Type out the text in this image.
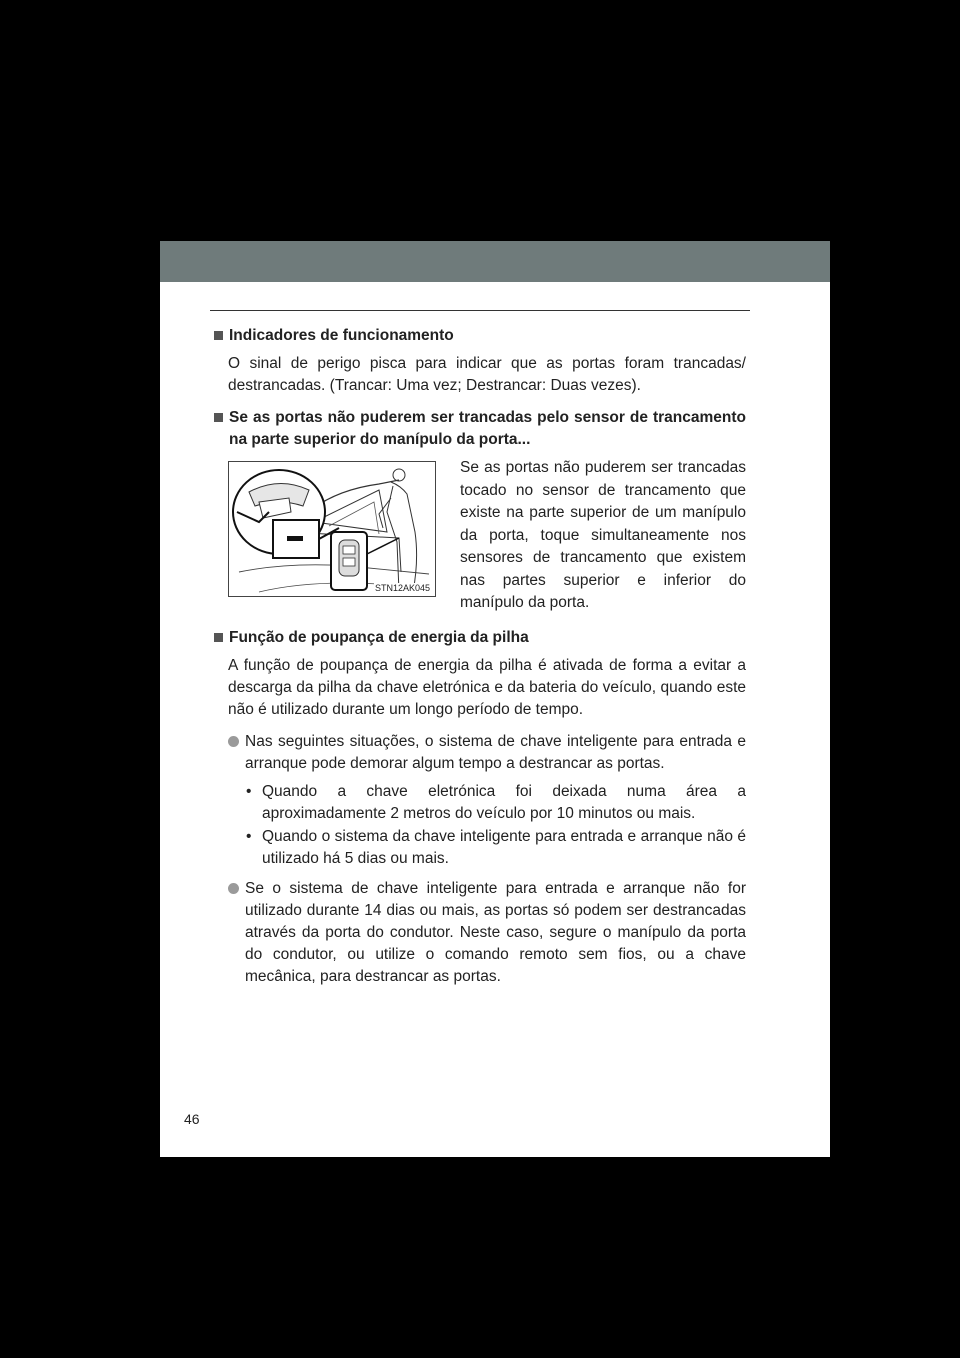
Indicadores de funcionamento

O sinal de perigo pisca para indicar que as portas foram trancadas/ destrancadas. (Trancar: Uma vez; Destrancar: Duas vezes).

Se as portas não puderem ser trancadas pelo sensor de trancamento na parte superior do manípulo da porta...
STN12AK045
Se as portas não puderem ser trancadas tocado no sensor de trancamento que existe na parte superior de um manípulo da porta, toque simultaneamente nos sensores de trancamento que existem nas partes superior e inferior do manípulo da porta.
Função de poupança de energia da pilha

A função de poupança de energia da pilha é ativada de forma a evitar a descarga da pilha da chave eletrónica e da bateria do veículo, quando este não é utilizado durante um longo período de tempo.

Nas seguintes situações, o sistema de chave inteligente para entrada e arranque pode demorar algum tempo a destrancar as portas.
• Quando a chave eletrónica foi deixada numa área a aproximadamente 2 metros do veículo por 10 minutos ou mais.
• Quando o sistema da chave inteligente para entrada e arranque não é utilizado há 5 dias ou mais.
Se o sistema de chave inteligente para entrada e arranque não for utilizado durante 14 dias ou mais, as portas só podem ser destrancadas através da porta do condutor. Neste caso, segure o manípulo da porta do condutor, ou utilize o comando remoto sem fios, ou a chave mecânica, para destrancar as portas.
46
